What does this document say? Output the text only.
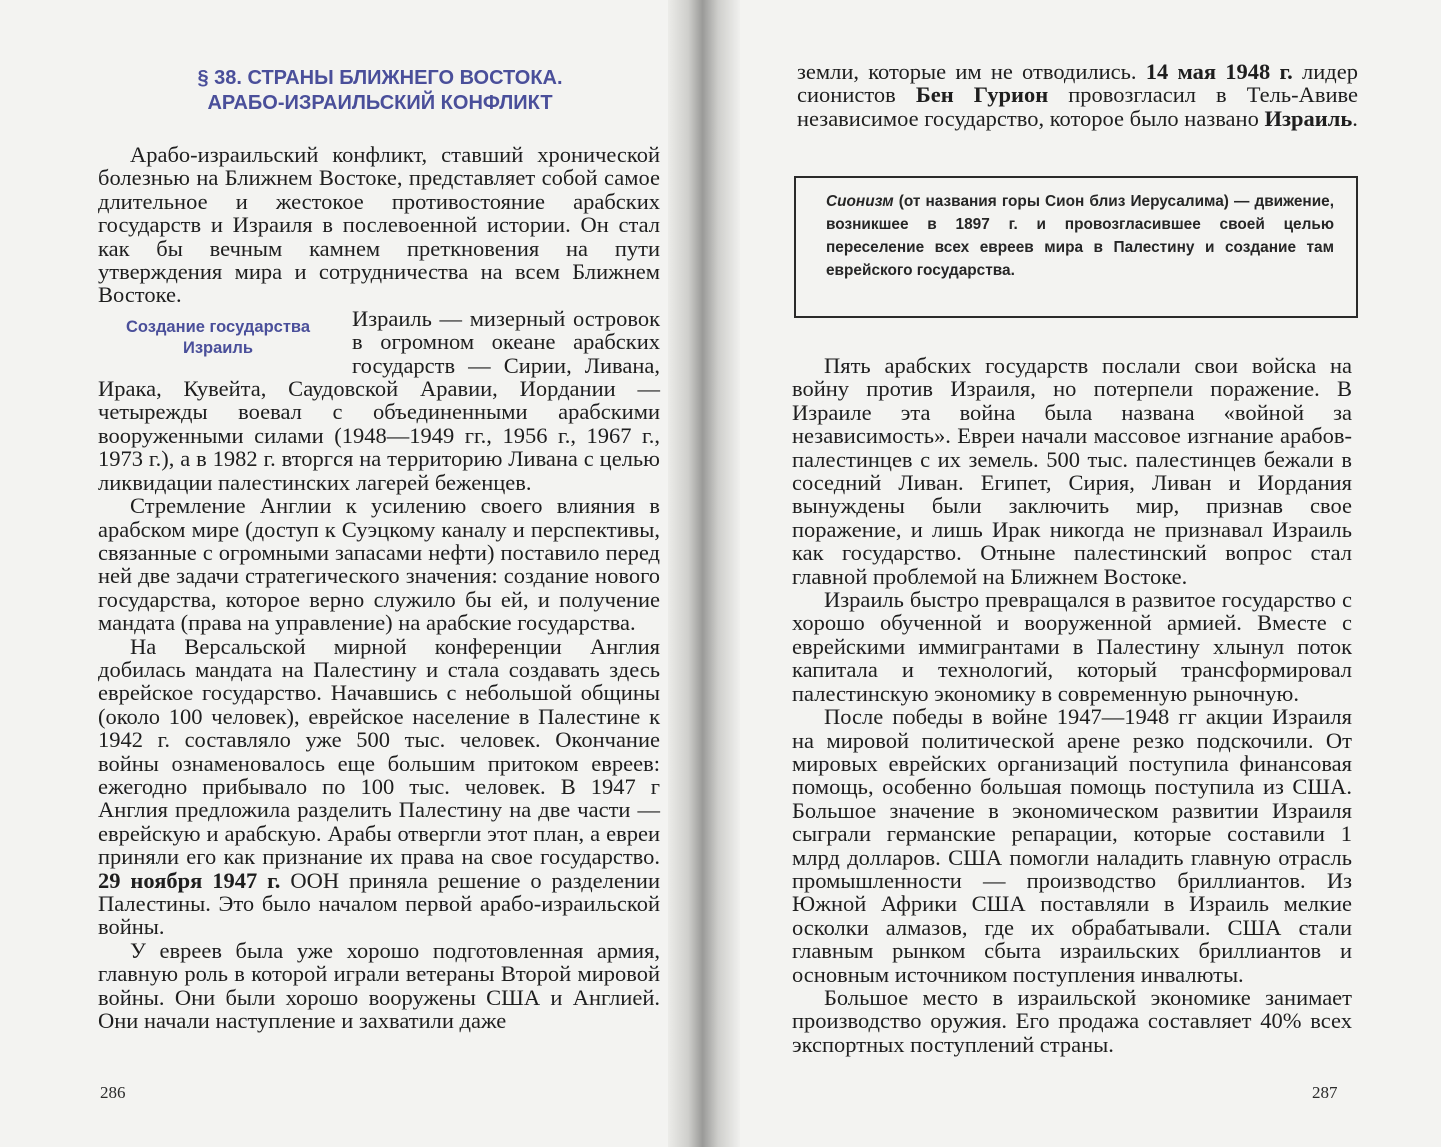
§ 38. СТРАНЫ БЛИЖНЕГО ВОСТОКА.
АРАБО-ИЗРАИЛЬСКИЙ КОНФЛИКТ

Арабо-израильский конфликт, ставший хронической болезнью на Ближнем Востоке, представляет собой самое длительное и жестокое противостояние арабских государств и Израиля в послевоенной истории. Он стал как бы вечным камнем преткновения на пути утверждения мира и сотрудничества на всем Ближнем Востоке.

Создание государства
Израиль
Израиль — мизерный островок в огромном океане арабских государств — Сирии, Ливана, Ирака, Кувейта, Саудовской Аравии, Иордании — четырежды воевал с объединенными арабскими вооруженными силами (1948—1949 гг., 1956 г., 1967 г., 1973 г.), а в 1982 г. вторгся на территорию Ливана с целью ликвидации палестинских лагерей беженцев.

Стремление Англии к усилению своего влияния в арабском мире (доступ к Суэцкому каналу и перспективы, связанные с огромными запасами нефти) поставило перед ней две задачи стратегического значения: создание нового государства, которое верно служило бы ей, и получение мандата (права на управление) на арабские государства.

На Версальской мирной конференции Англия добилась мандата на Палестину и стала создавать здесь еврейское государство. Начавшись с небольшой общины (около 100 человек), еврейское население в Палестине к 1942 г. составляло уже 500 тыс. человек. Окончание войны ознаменовалось еще большим притоком евреев: ежегодно прибывало по 100 тыс. человек. В 1947 г Англия предложила разделить Палестину на две части — еврейскую и арабскую. Арабы отвергли этот план, а евреи приняли его как признание их права на свое государство. 29 ноября 1947 г. ООН приняла решение о разделении Палестины. Это было началом первой арабо-израильской войны.

У евреев была уже хорошо подготовленная армия, главную роль в которой играли ветераны Второй мировой войны. Они были хорошо вооружены США и Англией. Они начали наступление и захватили даже

286

земли, которые им не отводились. 14 мая 1948 г. лидер сионистов Бен Гурион провозгласил в Тель-Авиве независимое государство, которое было названо Израиль.

Сионизм (от названия горы Сион близ Иерусалима) — движение, возникшее в 1897 г. и провозгласившее своей целью переселение всех евреев мира в Палестину и создание там еврейского государства.

Пять арабских государств послали свои войска на войну против Израиля, но потерпели поражение. В Израиле эта война была названа «войной за независимость». Евреи начали массовое изгнание арабов-палестинцев с их земель. 500 тыс. палестинцев бежали в соседний Ливан. Египет, Сирия, Ливан и Иордания вынуждены были заключить мир, признав свое поражение, и лишь Ирак никогда не признавал Израиль как государство. Отныне палестинский вопрос стал главной проблемой на Ближнем Востоке.

Израиль быстро превращался в развитое государство с хорошо обученной и вооруженной армией. Вместе с еврейскими иммигрантами в Палестину хлынул поток капитала и технологий, который трансформировал палестинскую экономику в современную рыночную.

После победы в войне 1947—1948 гг акции Израиля на мировой политической арене резко подскочили. От мировых еврейских организаций поступила финансовая помощь, особенно большая помощь поступила из США. Большое значение в экономическом развитии Израиля сыграли германские репарации, которые составили 1 млрд долларов. США помогли наладить главную отрасль промышленности — производство бриллиантов. Из Южной Африки США поставляли в Израиль мелкие осколки алмазов, где их обрабатывали. США стали главным рынком сбыта израильских бриллиантов и основным источником поступления инвалюты.

Большое место в израильской экономике занимает производство оружия. Его продажа составляет 40% всех экспортных поступлений страны.

287
